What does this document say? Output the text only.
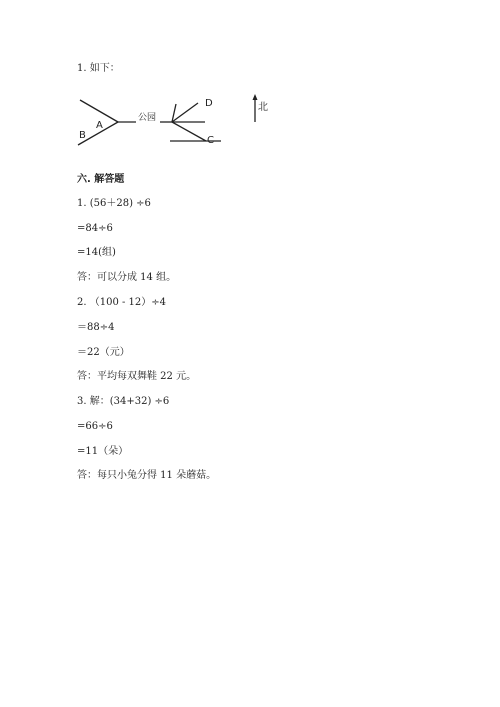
1. 如下：
公园
A
B	C
D	北
六. 解答题
1. (56＋28) ÷6
=84÷6
=14(组)
答：可以分成 14 组。
2. （100 - 12）÷4
＝88÷4
＝22（元）
答：平均每双舞鞋 22 元。
3. 解：(34+32) ÷6
=66÷6
=11（朵）
答：每只小兔分得 11 朵蘑菇。
